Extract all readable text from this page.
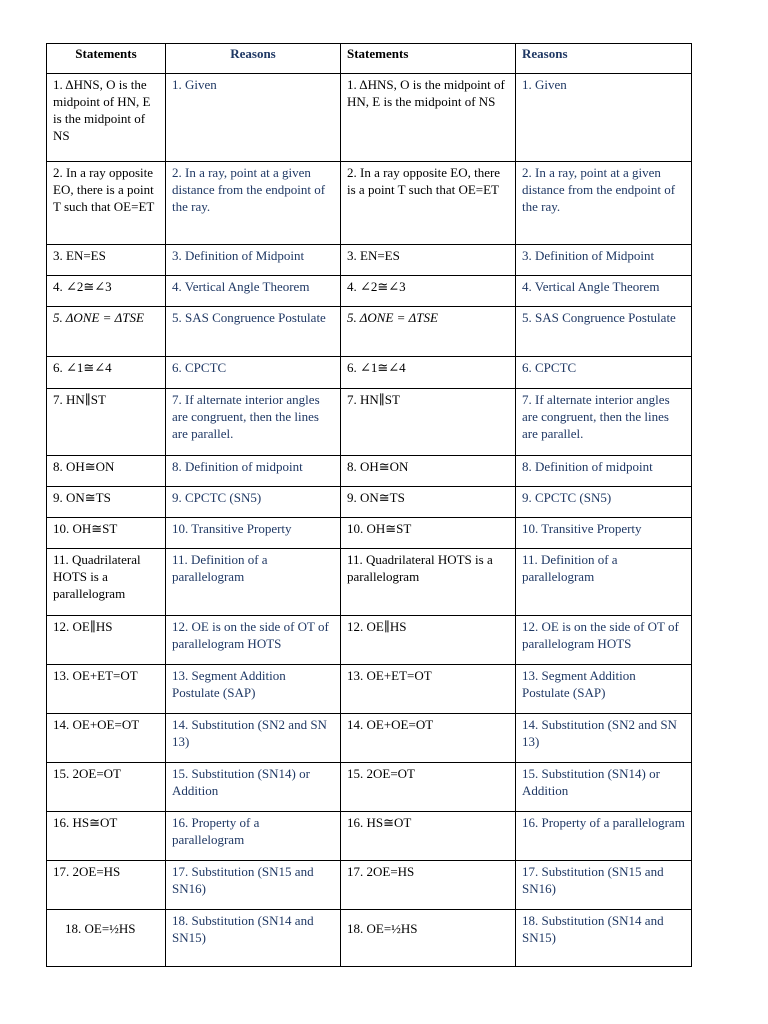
Statements	Reasons	Statements	Reasons
1. ΔHNS, O is the midpoint of HN, E is the midpoint of NS	1. Given	1. ΔHNS, O is the midpoint of HN, E is the midpoint of NS	1. Given
2. In a ray opposite EO, there is a point T such that OE=ET	2. In a ray, point at a given distance from the endpoint of the ray.	2. In a ray opposite EO, there is a point T such that OE=ET	2. In a ray, point at a given distance from the endpoint of the ray.
3. EN=ES	3. Definition of Midpoint	3. EN=ES	3. Definition of Midpoint
4. ∠2≅∠3	4. Vertical Angle Theorem	4. ∠2≅∠3	4. Vertical Angle Theorem
5. ΔONE = ΔTSE	5. SAS Congruence Postulate	5. ΔONE = ΔTSE	5. SAS Congruence Postulate
6. ∠1≅∠4	6. CPCTC	6. ∠1≅∠4	6. CPCTC
7. HN∥ST	7. If alternate interior angles are congruent, then the lines are parallel.	7. HN∥ST	7. If alternate interior angles are congruent, then the lines are parallel.
8. OH≅ON	8. Definition of midpoint	8. OH≅ON	8. Definition of midpoint
9. ON≅TS	9. CPCTC (SN5)	9. ON≅TS	9. CPCTC (SN5)
10. OH≅ST	10. Transitive Property	10. OH≅ST	10. Transitive Property
11. Quadrilateral HOTS is a parallelogram	11. Definition of a parallelogram	11. Quadrilateral HOTS is a parallelogram	11. Definition of a parallelogram
12. OE∥HS	12. OE is on the side of OT of parallelogram HOTS	12. OE∥HS	12. OE is on the side of OT of parallelogram HOTS
13. OE+ET=OT	13. Segment Addition Postulate (SAP)	13. OE+ET=OT	13. Segment Addition Postulate (SAP)
14. OE+OE=OT	14. Substitution (SN2 and SN 13)	14. OE+OE=OT	14. Substitution (SN2 and SN 13)
15. 2OE=OT	15. Substitution (SN14) or Addition	15. 2OE=OT	15. Substitution (SN14) or Addition
16. HS≅OT	16. Property of a parallelogram	16. HS≅OT	16. Property of a parallelogram
17. 2OE=HS	17. Substitution (SN15 and SN16)	17. 2OE=HS	17. Substitution (SN15 and SN16)
18. OE=½HS	18. Substitution (SN14 and SN15)	18. OE=½HS	18. Substitution (SN14 and SN15)
